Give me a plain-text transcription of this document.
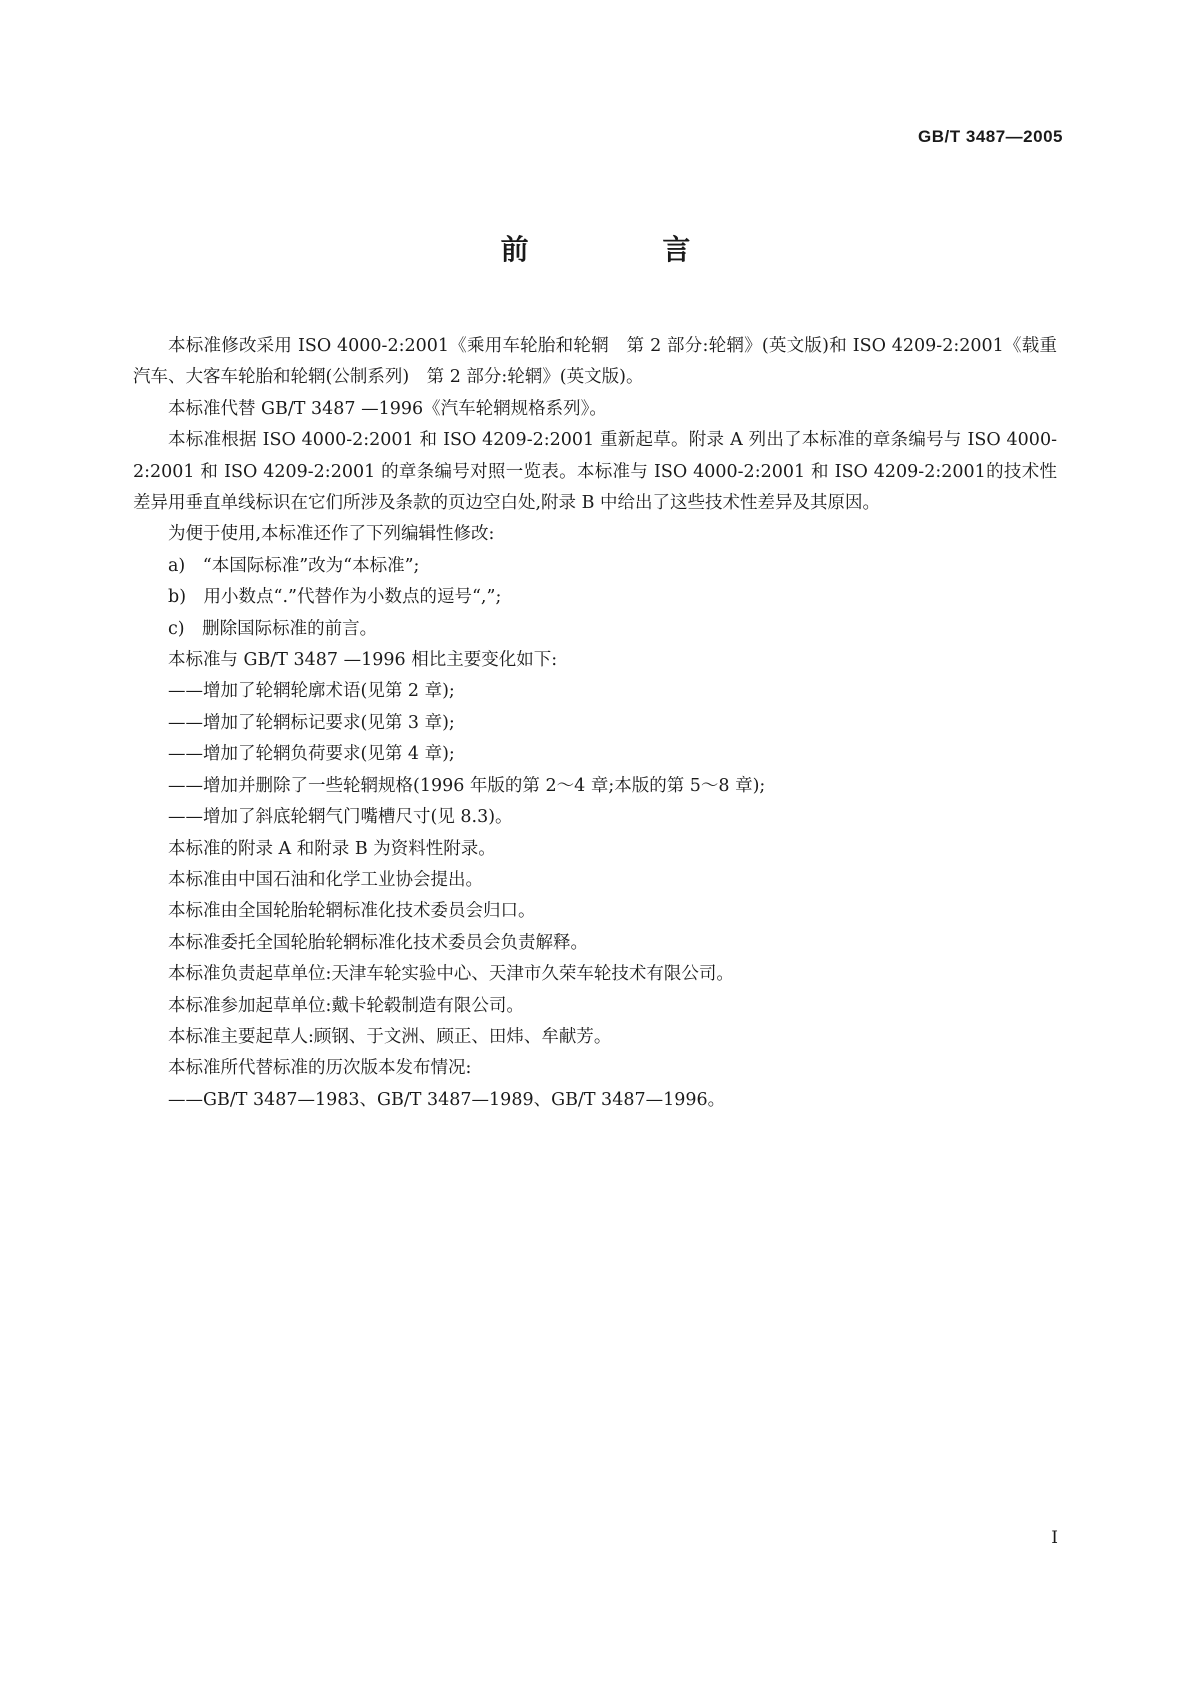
GB/T 3487—2005
前 言

本标准修改采用 ISO 4000-2:2001《乘用车轮胎和轮辋　第 2 部分:轮辋》(英文版)和 ISO 4209-2:2001《载重汽车、大客车轮胎和轮辋(公制系列)　第 2 部分:轮辋》(英文版)。

本标准代替 GB/T 3487 —1996《汽车轮辋规格系列》。

本标准根据 ISO 4000-2:2001 和 ISO 4209-2:2001 重新起草。附录 A 列出了本标准的章条编号与 ISO 4000-2:2001 和 ISO 4209-2:2001 的章条编号对照一览表。本标准与 ISO 4000-2:2001 和 ISO 4209-2:2001的技术性差异用垂直单线标识在它们所涉及条款的页边空白处,附录 B 中给出了这些技术性差异及其原因。

为便于使用,本标准还作了下列编辑性修改:

a)　“本国际标准”改为“本标准”;

b)　用小数点“.”代替作为小数点的逗号“,”;

c)　删除国际标准的前言。

本标准与 GB/T 3487 —1996 相比主要变化如下:

——增加了轮辋轮廓术语(见第 2 章);

——增加了轮辋标记要求(见第 3 章);

——增加了轮辋负荷要求(见第 4 章);

——增加并删除了一些轮辋规格(1996 年版的第 2～4 章;本版的第 5～8 章);

——增加了斜底轮辋气门嘴槽尺寸(见 8.3)。

本标准的附录 A 和附录 B 为资料性附录。

本标准由中国石油和化学工业协会提出。

本标准由全国轮胎轮辋标准化技术委员会归口。

本标准委托全国轮胎轮辋标准化技术委员会负责解释。

本标准负责起草单位:天津车轮实验中心、天津市久荣车轮技术有限公司。

本标准参加起草单位:戴卡轮毂制造有限公司。

本标准主要起草人:顾钢、于文洲、顾正、田炜、牟献芳。

本标准所代替标准的历次版本发布情况:

——GB/T 3487—1983、GB/T 3487—1989、GB/T 3487—1996。

I
